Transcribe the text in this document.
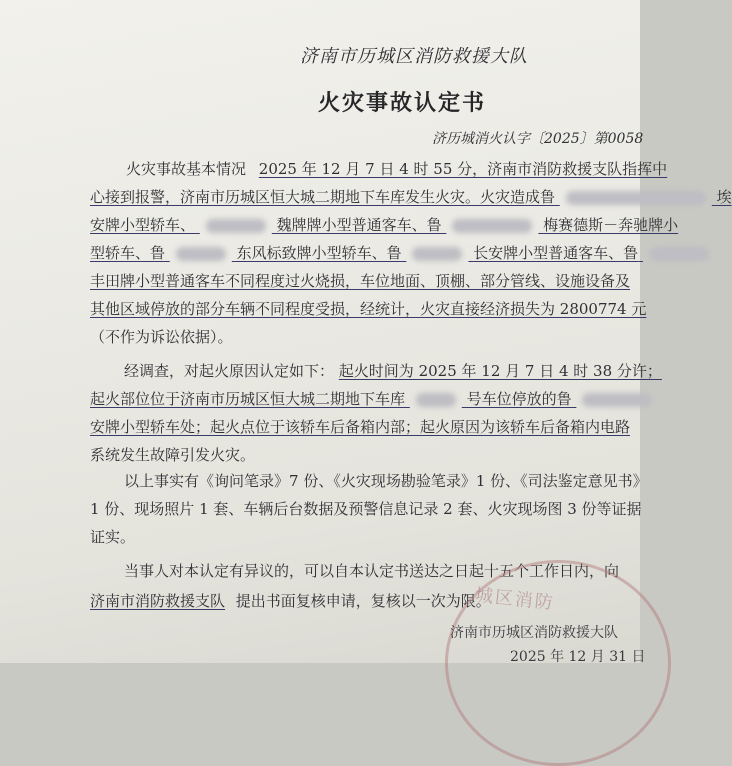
济南市历城区消防救援大队
火灾事故认定书
济历城消火认字〔2025〕第0058
火灾事故基本情况 2025 年 12 月 7 日 4 时 55 分，济南市消防救援支队指挥中
心接到报警，济南市历城区恒大城二期地下车库发生火灾。火灾造成鲁	埃
安牌小型轿车、	魏牌牌小型普通客车、鲁	梅赛德斯－奔驰牌小
型轿车、鲁	东风标致牌小型轿车、鲁	长安牌小型普通客车、鲁
丰田牌小型普通客车不同程度过火烧损，车位地面、顶棚、部分管线、设施设备及
其他区域停放的部分车辆不同程度受损，经统计，火灾直接经济损失为 2800774 元
（不作为诉讼依据）。
经调查，对起火原因认定如下： 起火时间为 2025 年 12 月 7 日 4 时 38 分许；
起火部位位于济南市历城区恒大城二期地下车库	号车位停放的鲁
安牌小型轿车处；起火点位于该轿车后备箱内部；起火原因为该轿车后备箱内电路
系统发生故障引发火灾。
以上事实有《询问笔录》7 份、《火灾现场勘验笔录》1 份、《司法鉴定意见书》
1 份、现场照片 1 套、车辆后台数据及预警信息记录 2 套、火灾现场图 3 份等证据
证实。
当事人对本认定有异议的，可以自本认定书送达之日起十五个工作日内，向
济南市消防救援支队 提出书面复核申请，复核以一次为限。
城区消防
济南市历城区消防救援大队
2025 年 12 月 31 日
